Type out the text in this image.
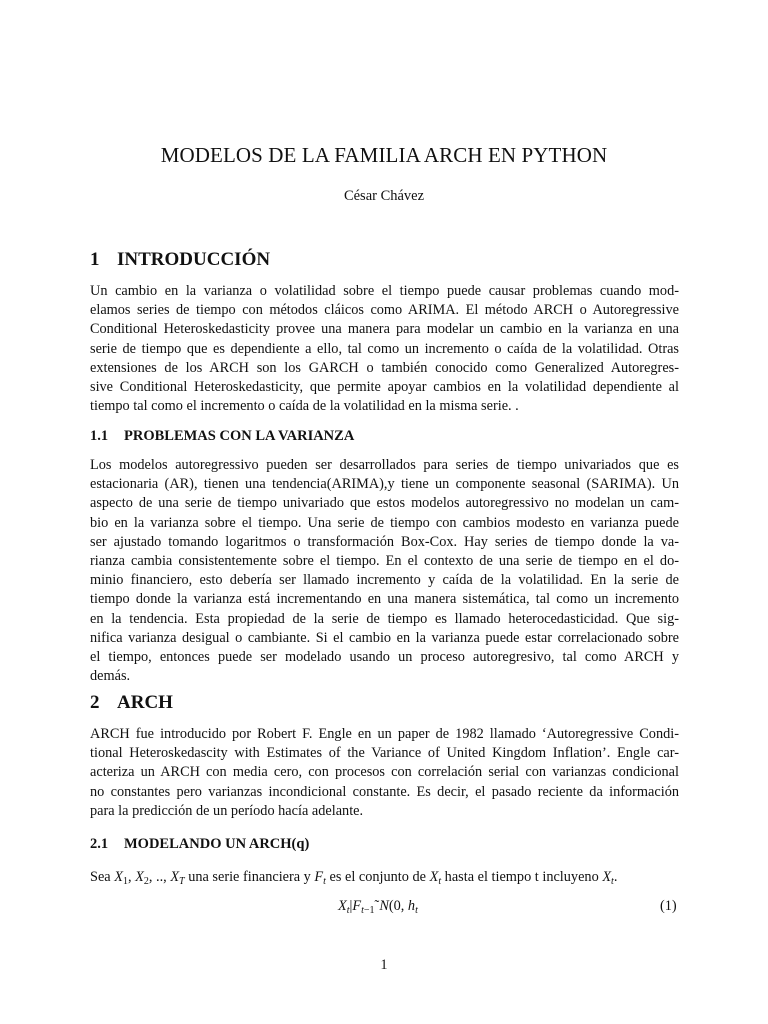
MODELOS DE LA FAMILIA ARCH EN PYTHON
César Chávez
1 INTRODUCCIÓN

Un cambio en la varianza o volatilidad sobre el tiempo puede causar problemas cuando mod-
elamos series de tiempo con métodos cláicos como ARIMA. El método ARCH o Autoregressive
Conditional Heteroskedasticity provee una manera para modelar un cambio en la varianza en una
serie de tiempo que es dependiente a ello, tal como un incremento o caída de la volatilidad. Otras
extensiones de los ARCH son los GARCH o también conocido como Generalized Autoregres-
sive Conditional Heteroskedasticity, que permite apoyar cambios en la volatilidad dependiente al
tiempo tal como el incremento o caída de la volatilidad en la misma serie. .

1.1 PROBLEMAS CON LA VARIANZA

Los modelos autoregressivo pueden ser desarrollados para series de tiempo univariados que es
estacionaria (AR), tienen una tendencia(ARIMA),y tiene un componente seasonal (SARIMA). Un
aspecto de una serie de tiempo univariado que estos modelos autoregressivo no modelan un cam-
bio en la varianza sobre el tiempo. Una serie de tiempo con cambios modesto en varianza puede
ser ajustado tomando logaritmos o transformación Box-Cox. Hay series de tiempo donde la va-
rianza cambia consistentemente sobre el tiempo. En el contexto de una serie de tiempo en el do-
minio financiero, esto debería ser llamado incremento y caída de la volatilidad. En la serie de
tiempo donde la varianza está incrementando en una manera sistemática, tal como un incremento
en la tendencia. Esta propiedad de la serie de tiempo es llamado heterocedasticidad. Que sig-
nifica varianza desigual o cambiante. Si el cambio en la varianza puede estar correlacionado sobre
el tiempo, entonces puede ser modelado usando un proceso autoregresivo, tal como ARCH y
demás.

2 ARCH

ARCH fue introducido por Robert F. Engle en un paper de 1982 llamado ‘Autoregressive Condi-
tional Heteroskedascity with Estimates of the Variance of United Kingdom Inflation’. Engle car-
acteriza un ARCH con media cero, con procesos con correlación serial con varianzas condicional
no constantes pero varianzas incondicional constante. Es decir, el pasado reciente da información
para la predicción de un período hacía adelante.

2.1 MODELANDO UN ARCH(q)

Sea $X_1$, $X_2$, .., $X_T$ una serie financiera y $F_t$ es el conjunto de $X_t$ hasta el tiempo t incluyeno $X_t$.

$X_t|F_{t-1}˜N(0$, $h_t$	(1)
1
